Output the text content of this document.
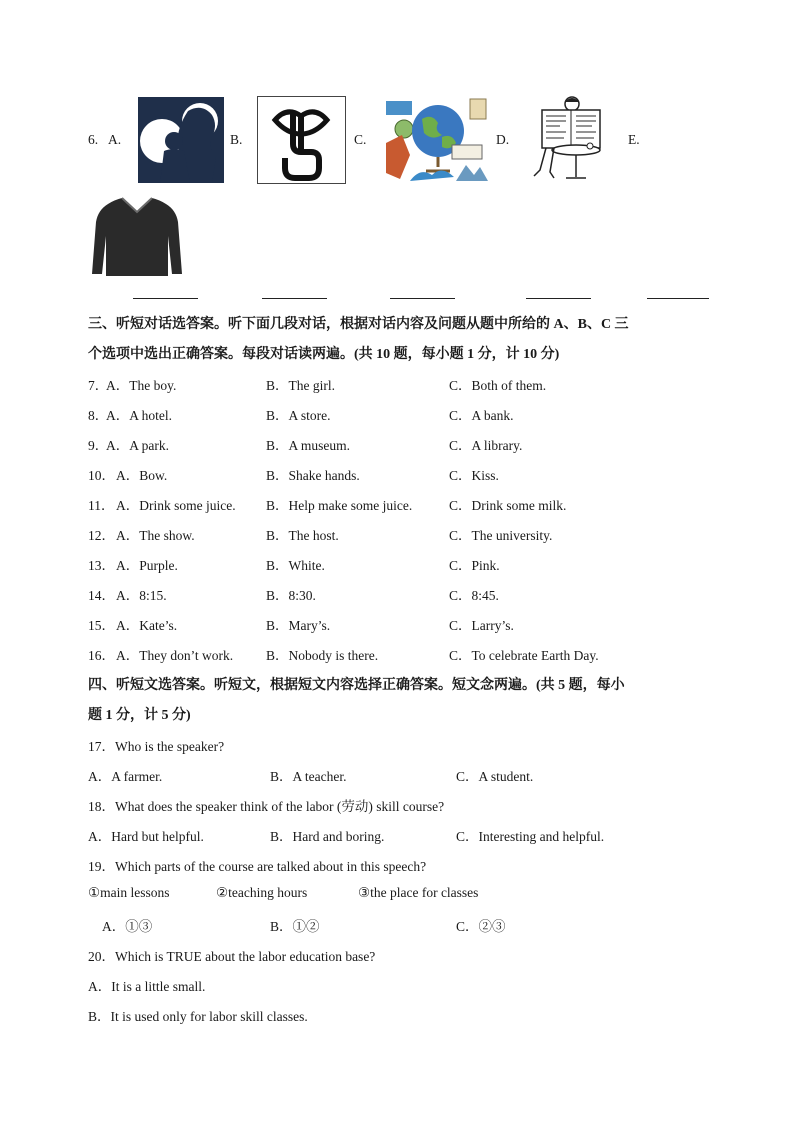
6. A.	B.	C.	D.	E.
三、听短对话选答案。听下面几段对话，根据对话内容及问题从题中所给的 A、B、C 三
个选项中选出正确答案。每段对话读两遍。(共 10 题，每小题 1 分，计 10 分)
7．
A．The boy.	B．The girl.	C．Both of them.
8．
A．A hotel.	B．A store.	C．A bank.
9．
A．A park.	B．A museum.	C．A library.
10． A．Bow.	B．Shake hands.	C．Kiss.
11． A．Drink some juice. B．Help make some juice.	C．Drink some milk.
12． A．The show.	B．The host.	C．The university.
13． A．Purple.	B．White.	C．Pink.
14． A．8:15.	B．8:30.	C．8:45.
15． A．Kate’s.	B．Mary’s.	C．Larry’s.
16． A．They don’t work. B．Nobody is there.	C．To celebrate Earth Day.
四、听短文选答案。听短文，根据短文内容选择正确答案。短文念两遍。(共 5 题，每小
题 1 分，计 5 分)
17．Who is the speaker?
A．A farmer.	B．A teacher.	C．A student.
18．What does the speaker think of the labor (劳动) skill course?
A．Hard but helpful.	B．Hard and boring.	C．Interesting and helpful.
19．Which parts of the course are talked about in this speech?
①main lessons	②teaching hours	③the place for classes
A．①③	B．①②	C．②③
20．Which is TRUE about the labor education base?
A．It is a little small.
B．It is used only for labor skill classes.
